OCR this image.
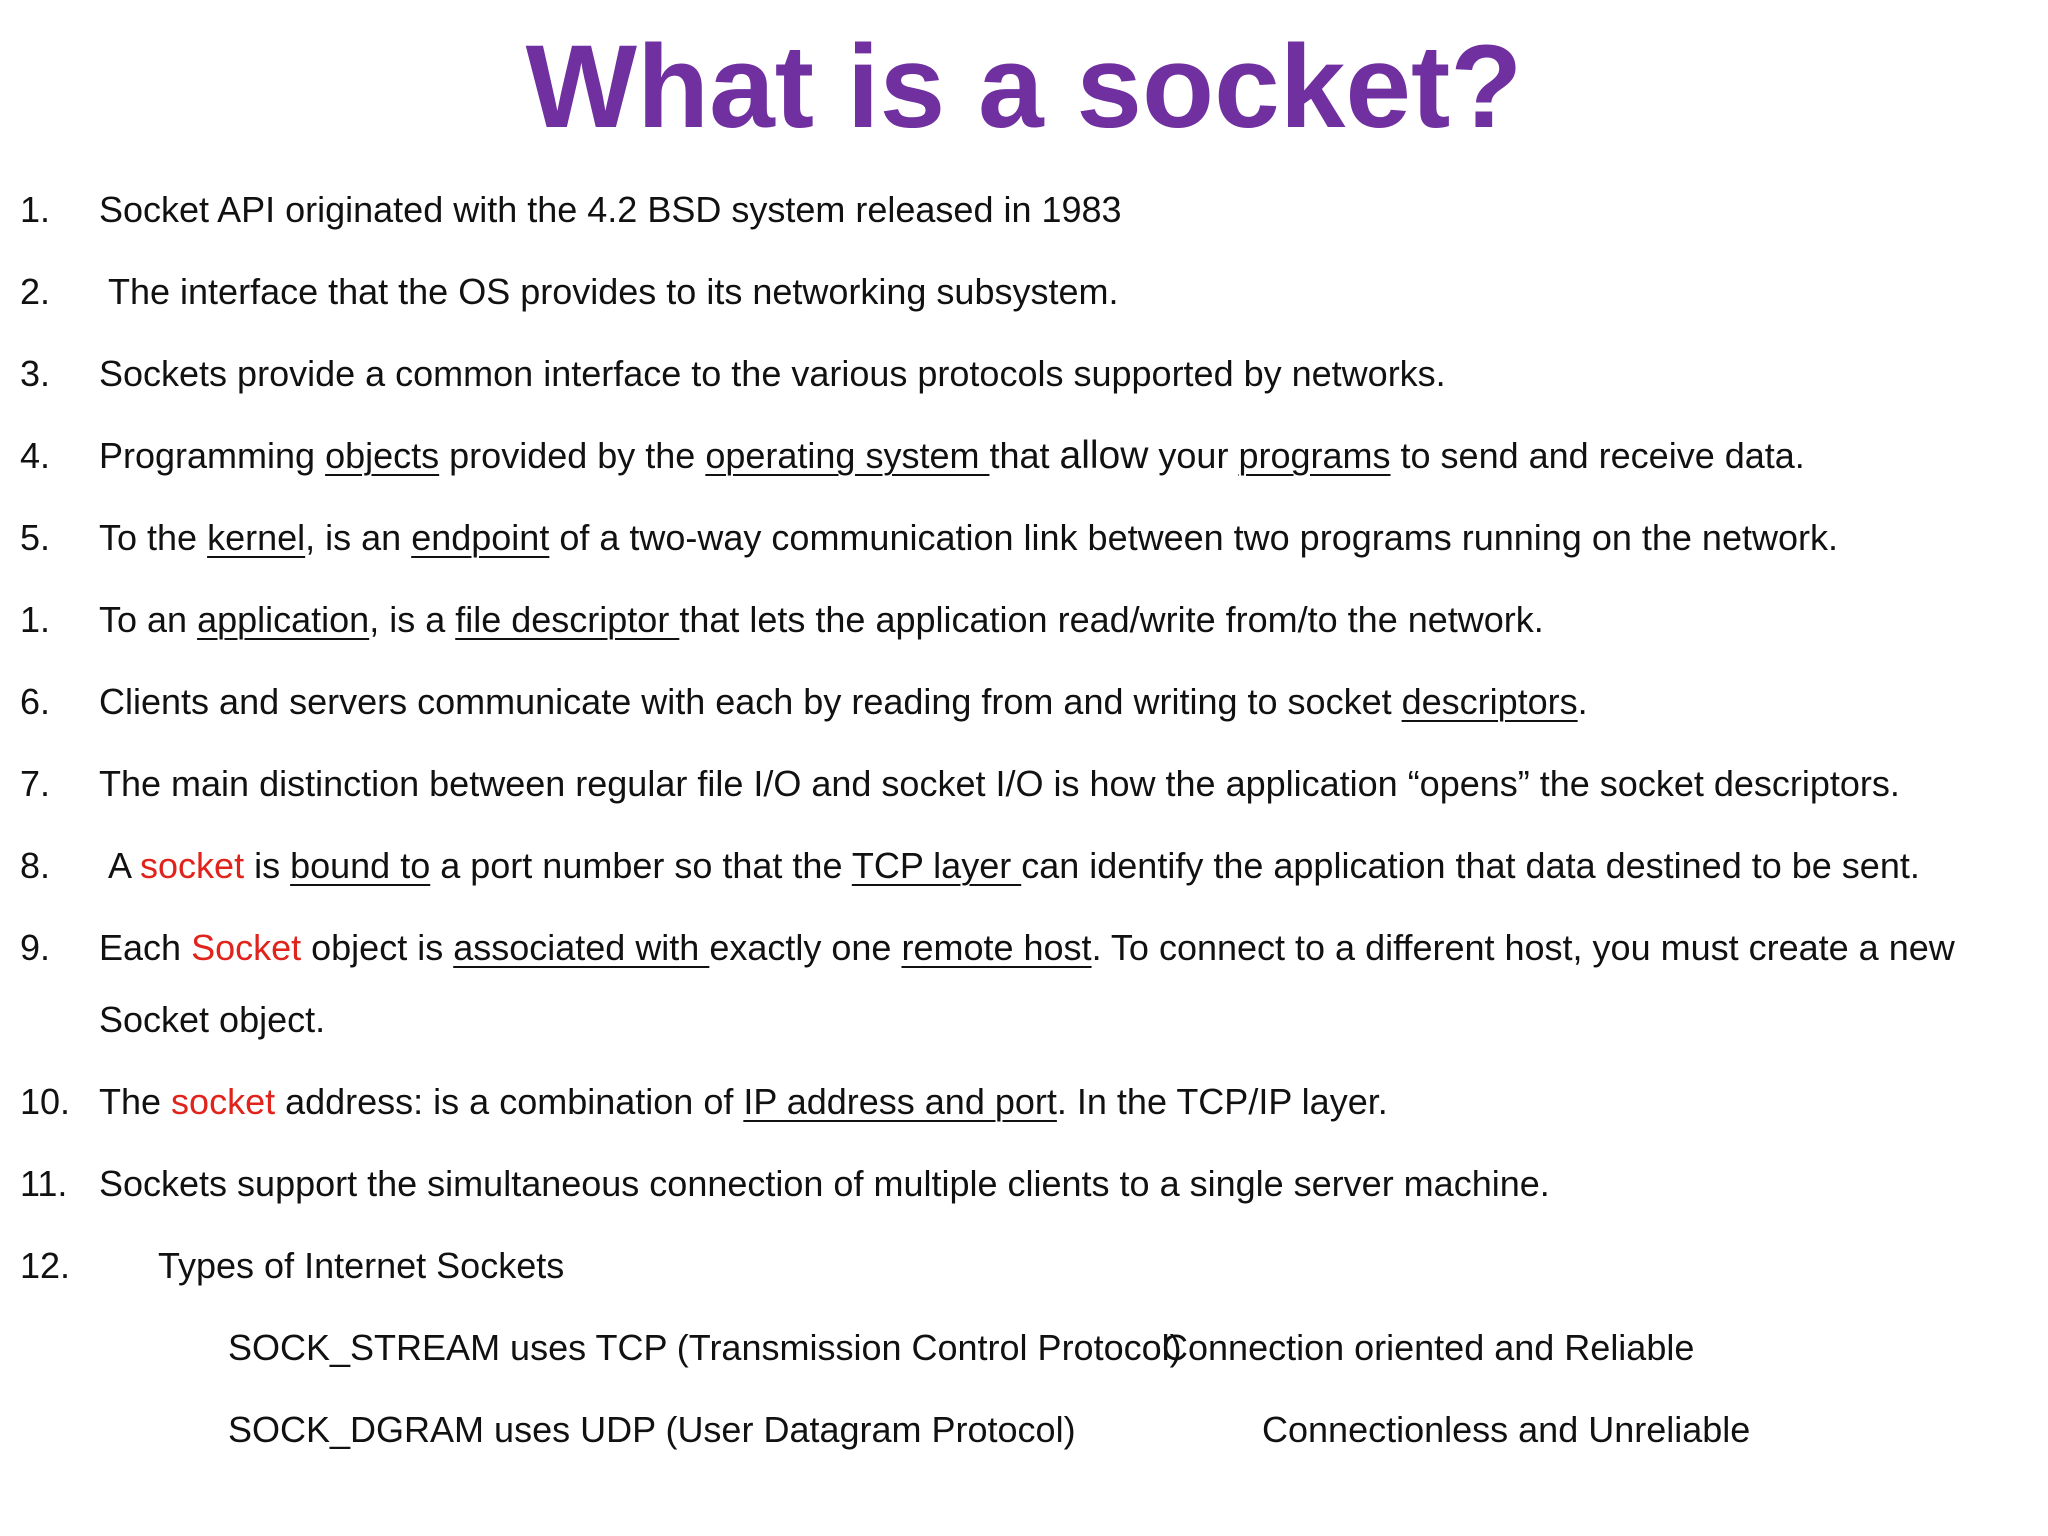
What is a socket?
1. Socket API originated with the 4.2 BSD system released in 1983
2. The interface that the OS provides to its networking subsystem.
3. Sockets provide a common interface to the various protocols supported by networks.
4. Programming objects provided by the operating system that allow your programs to send and receive data.
5. To the kernel, is an endpoint of a two-way communication link between two programs running on the network.
1. To an application, is a file descriptor that lets the application read/write from/to the network.
6. Clients and servers communicate with each by reading from and writing to socket descriptors.
7. The main distinction between regular file I/O and socket I/O is how the application “opens” the socket descriptors.
8. A socket is bound to a port number so that the TCP layer can identify the application that data destined to be sent.
9. Each Socket object is associated with exactly one remote host. To connect to a different host, you must create a new
Socket object.
10. The socket address: is a combination of IP address and port. In the TCP/IP layer.
11. Sockets support the simultaneous connection of multiple clients to a single server machine.
12. Types of Internet Sockets
SOCK_STREAM uses TCP (Transmission Control Protocol)
Connection oriented and Reliable
SOCK_DGRAM uses UDP (User Datagram Protocol)	Connectionless and Unreliable
